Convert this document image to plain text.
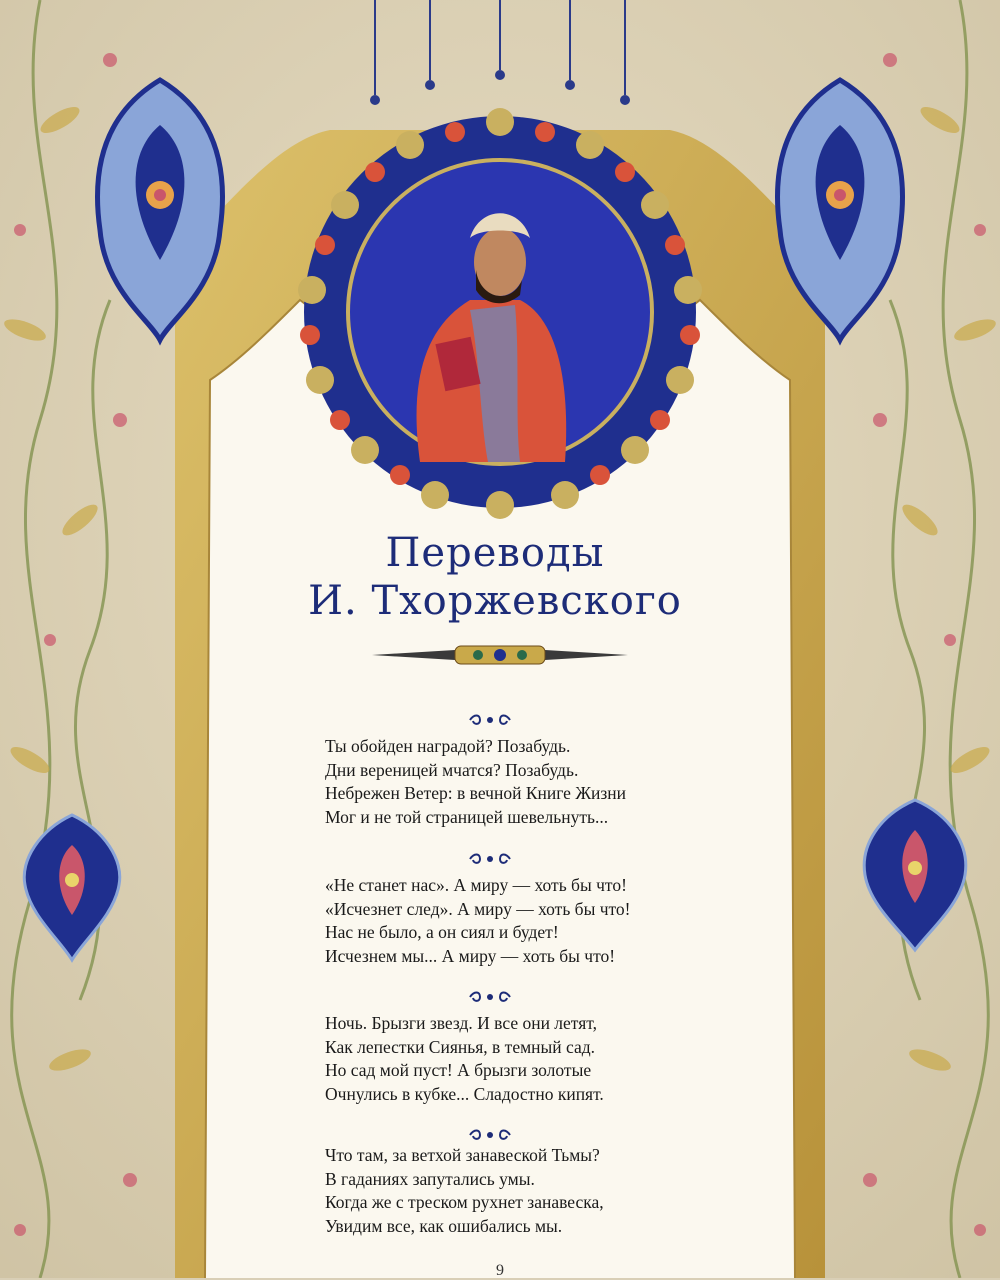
Переводы
И. Тхоржевского
Ты обойден наградой? Позабудь.
Дни вереницей мчатся? Позабудь.
Небрежен Ветер: в вечной Книге Жизни
Мог и не той страницей шевельнуть...
«Не станет нас». А миру — хоть бы что!
«Исчезнет след». А миру — хоть бы что!
Нас не было, а он сиял и будет!
Исчезнем мы... А миру — хоть бы что!
Ночь. Брызги звезд. И все они летят,
Как лепестки Сиянья, в темный сад.
Но сад мой пуст! А брызги золотые
Очнулись в кубке... Сладостно кипят.
Что там, за ветхой занавеской Тьмы?
В гаданиях запутались умы.
Когда же с треском рухнет занавеска,
Увидим все, как ошибались мы.
9
